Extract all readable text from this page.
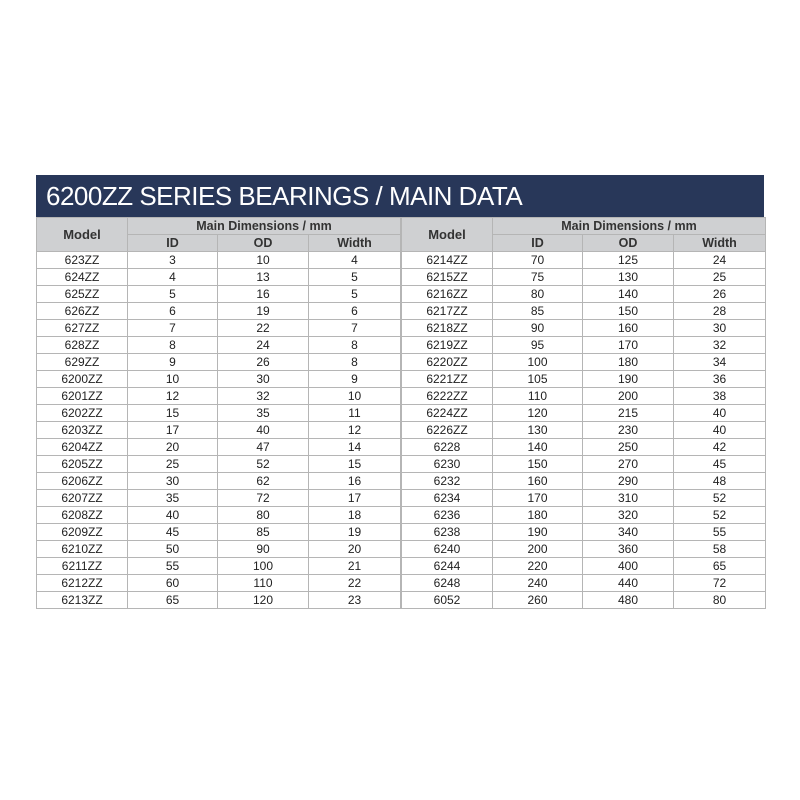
6200ZZ SERIES BEARINGS / MAIN DATA
Model	Main Dimensions / mm		
	ID	OD	Width
623ZZ	3	10	4
624ZZ	4	13	5
625ZZ	5	16	5
626ZZ	6	19	6
627ZZ	7	22	7
628ZZ	8	24	8
629ZZ	9	26	8
6200ZZ	10	30	9
6201ZZ	12	32	10
6202ZZ	15	35	11
6203ZZ	17	40	12
6204ZZ	20	47	14
6205ZZ	25	52	15
6206ZZ	30	62	16
6207ZZ	35	72	17
6208ZZ	40	80	18
6209ZZ	45	85	19
6210ZZ	50	90	20
6211ZZ	55	100	21
6212ZZ	60	110	22
6213ZZ	65	120	23
Model	Main Dimensions / mm		
	ID	OD	Width
6214ZZ	70	125	24
6215ZZ	75	130	25
6216ZZ	80	140	26
6217ZZ	85	150	28
6218ZZ	90	160	30
6219ZZ	95	170	32
6220ZZ	100	180	34
6221ZZ	105	190	36
6222ZZ	110	200	38
6224ZZ	120	215	40
6226ZZ	130	230	40
6228	140	250	42
6230	150	270	45
6232	160	290	48
6234	170	310	52
6236	180	320	52
6238	190	340	55
6240	200	360	58
6244	220	400	65
6248	240	440	72
6052	260	480	80
